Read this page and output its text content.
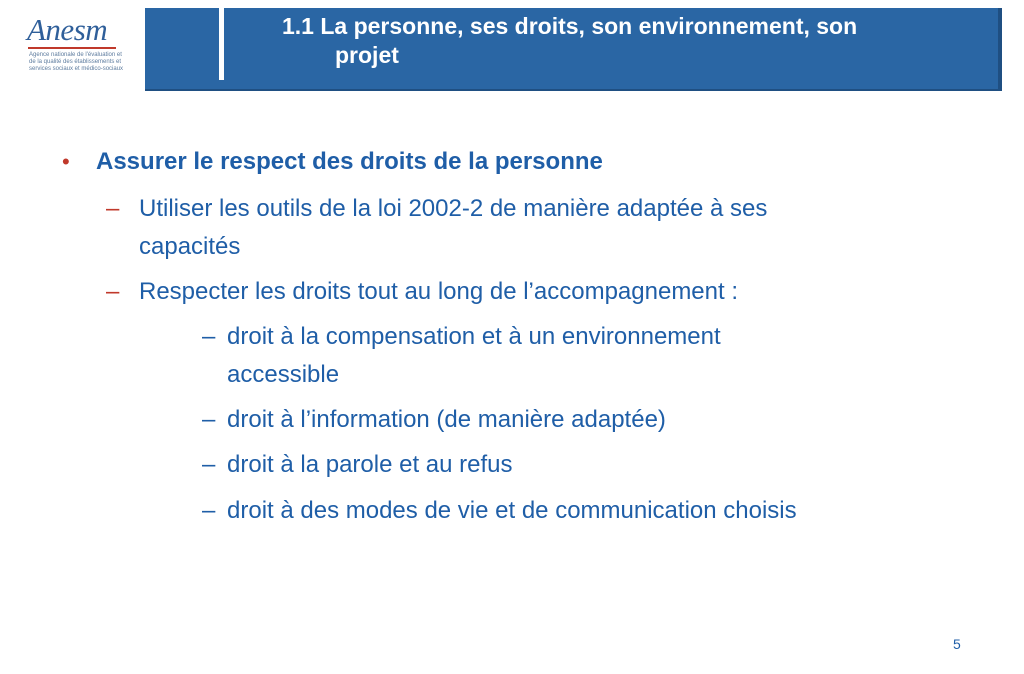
Anesm
Agence nationale de l'évaluation et de la qualité des établissements et services sociaux et médico-sociaux
1.1 La personne, ses droits, son environnement, son
projet
• Assurer le respect des droits de la personne
– Utiliser les outils de la loi 2002-2 de manière adaptée à ses
capacités
– Respecter les droits tout au long de l’accompagnement :
– droit à la compensation et à un environnement
accessible
– droit à l’information (de manière adaptée)
– droit à la parole et au refus
– droit à des modes de vie et de communication choisis
5
